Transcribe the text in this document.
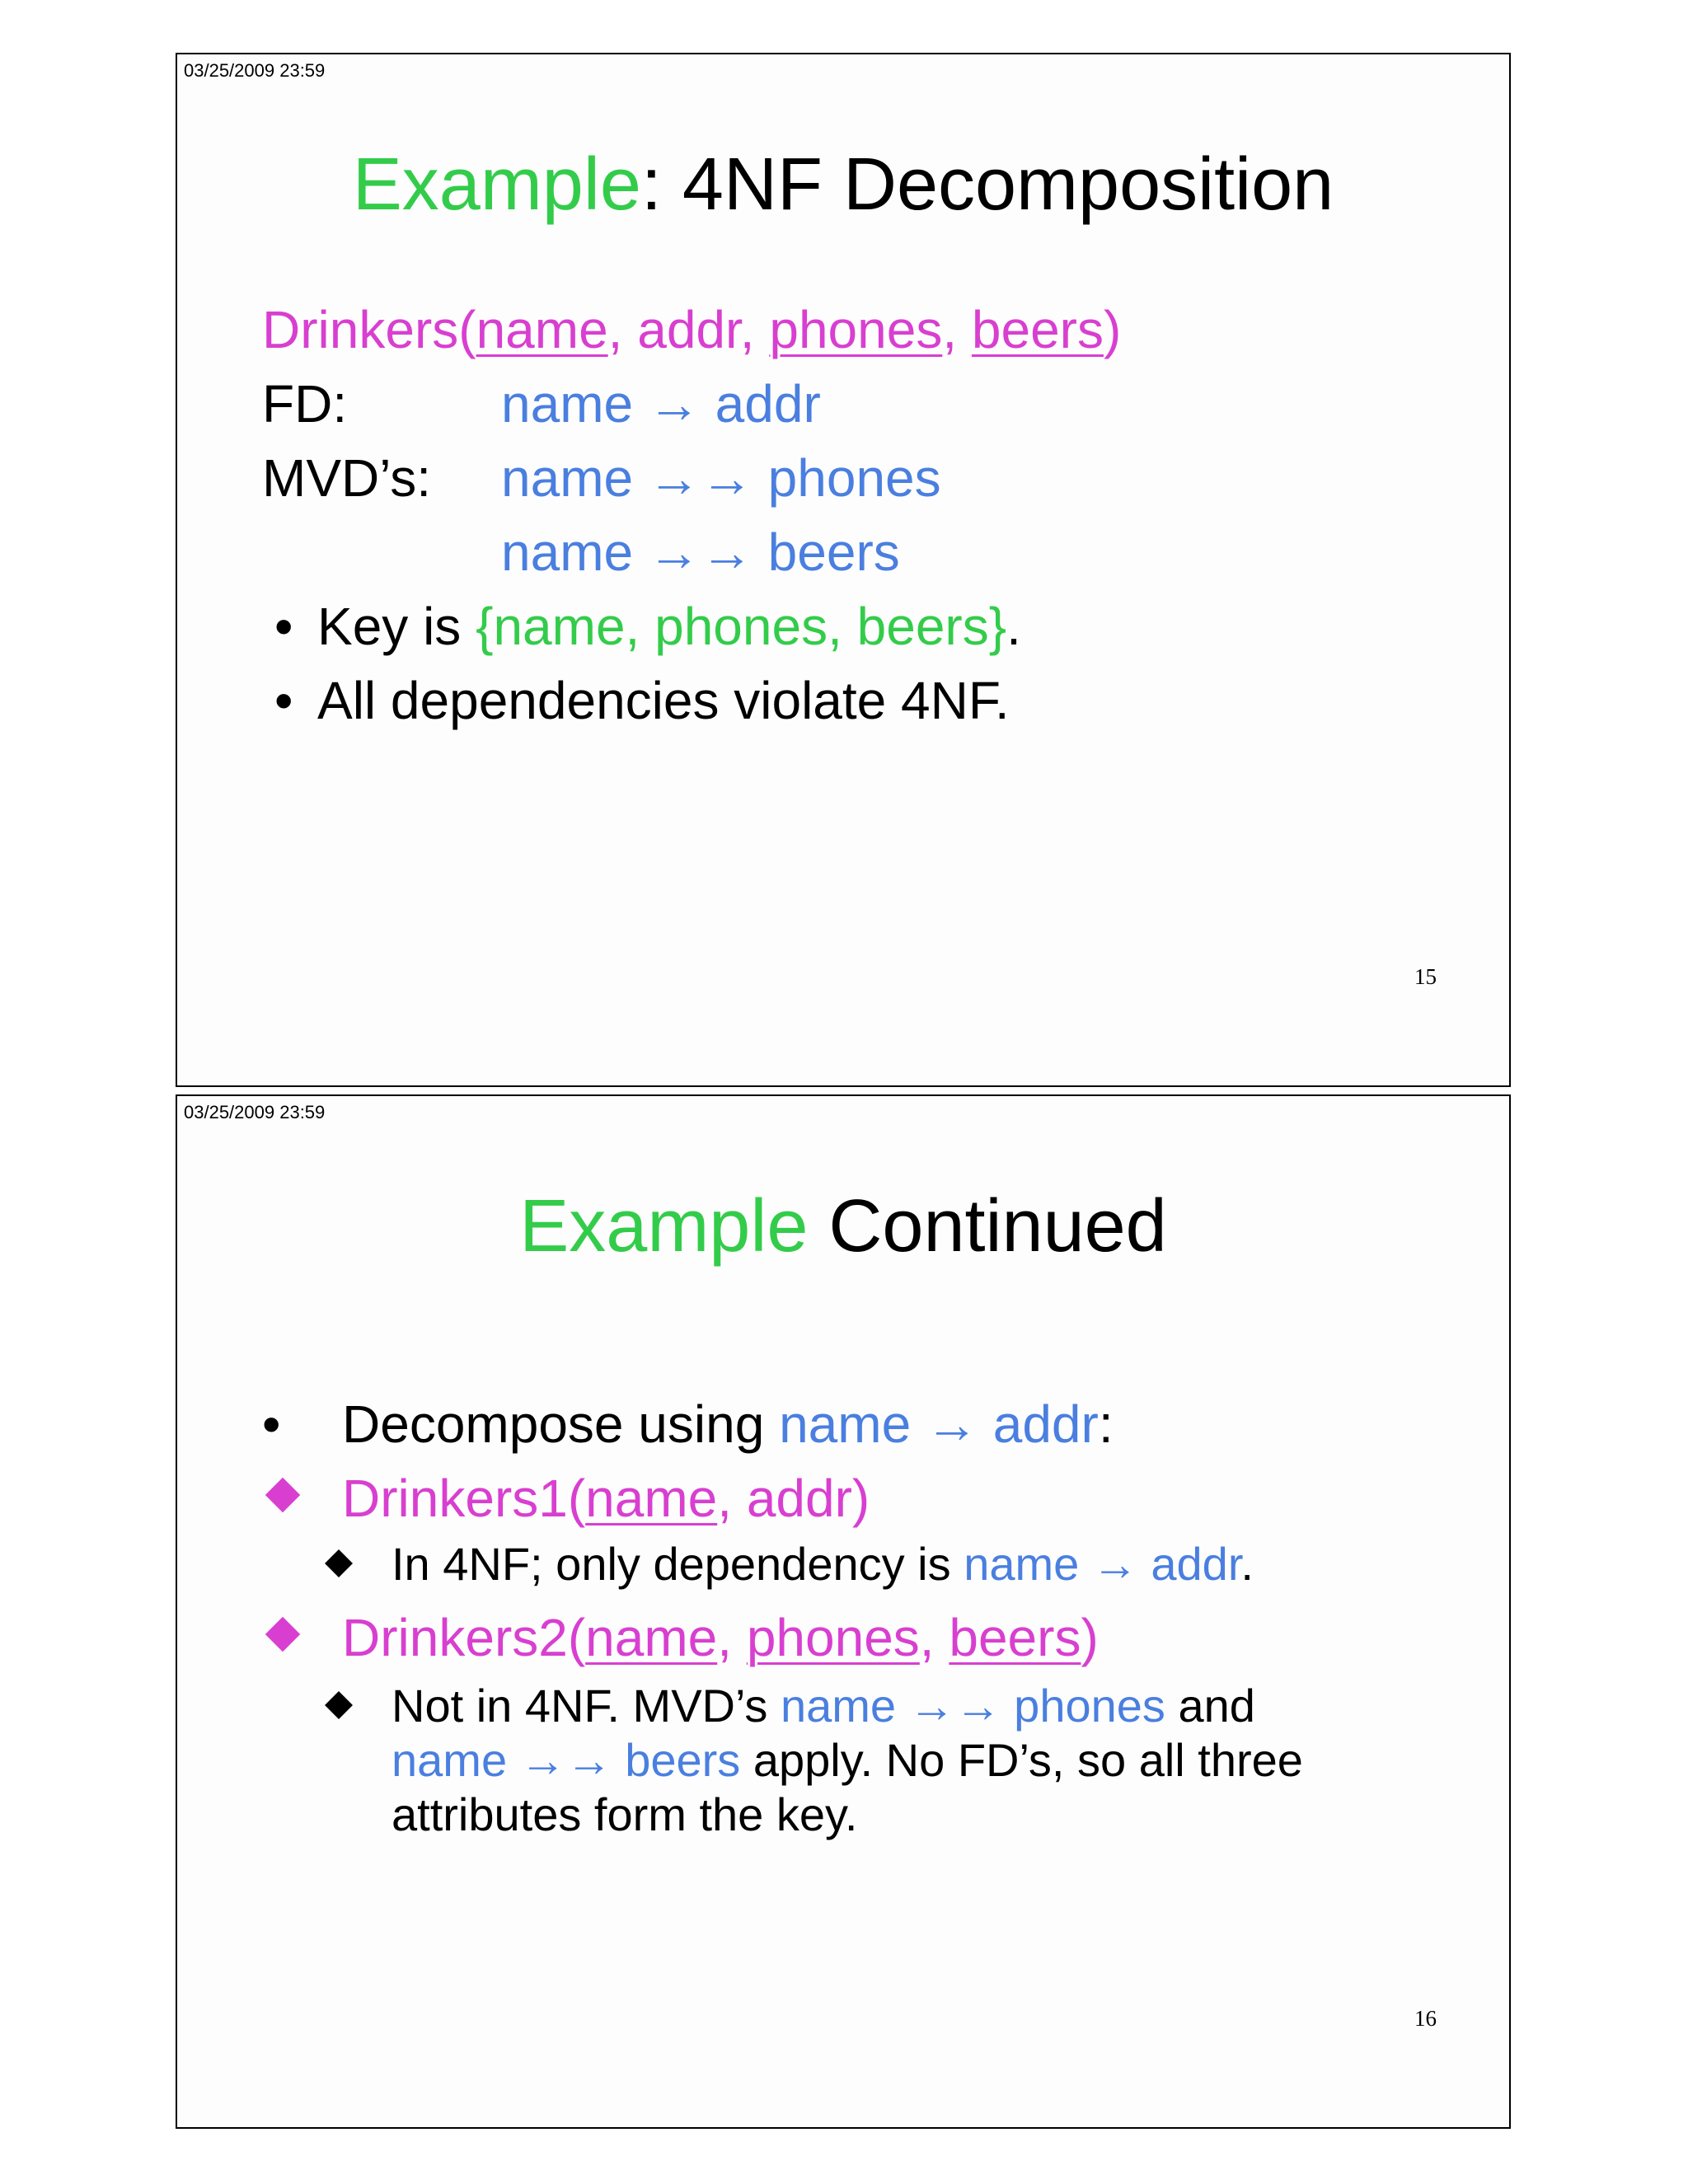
03/25/2009 23:59
Example: 4NF Decomposition
Drinkers(name, addr, phones, beers)
FD:	name → addr
MVD’s: name →→ phones
name →→ beers
• Key is {name, phones, beers}.
• All dependencies violate 4NF.
15
03/25/2009 23:59
Example Continued
• Decompose using name → addr:
Drinkers1(name, addr)
In 4NF; only dependency is name → addr.
Drinkers2(name, phones, beers)
Not in 4NF. MVD’s name →→ phones and
name →→ beers apply. No FD’s, so all three
attributes form the key.
16
